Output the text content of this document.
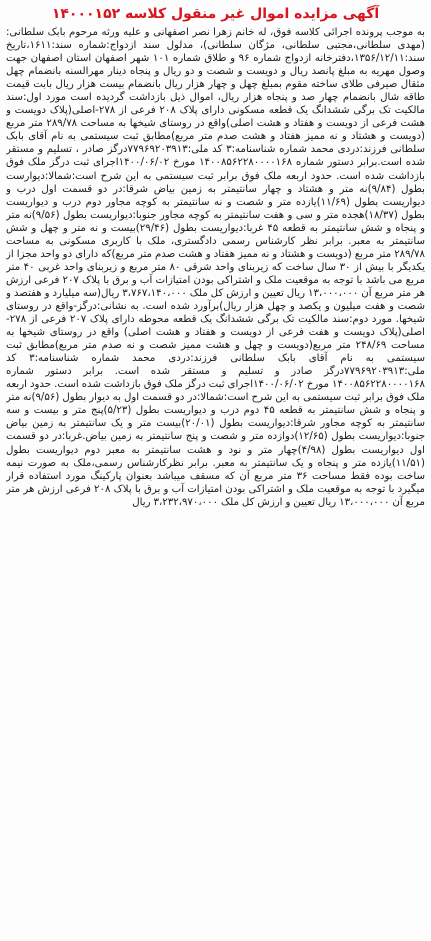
آگهی مزایده اموال غیر منقول کلاسه ۱۴۰۰۰۱۵۲

به موجب پرونده اجرائی کلاسه فوق، له خانم زهرا نصر اصفهانی و علیه ورثه مرحوم بابک سلطانی:(مهدی سلطانی،مجتبی سلطانی، مژگان سلطانی)، مدلول سند ازدواج:شماره سند:۱۶۱۱،تاریخ سند:۱۳۵۶/۱۲/۱۱،دفترخانه ازدواج شماره ۹۶ و طلاق شماره ۱۰۱ شهر اصفهان استان اصفهان جهت وصول مهریه به مبلغ پانصد ریال و دویست و شصت و دو ریال و پنجاه دینار مهرالسنه بانضمام چهل مثقال صیرفی طلای ساخته مقوم بمبلغ چهل و چهار هزار ریال بانضمام بیست هزار ریال بابت قیمت طاقه شال بانضمام چهار صد و پنجاه هزار ریال، اموال ذیل بازداشت گردیده است مورد اول:سند مالکیت تک برگی ششدانگ یک قطعه مسکونی دارای پلاک ۲۰۸ فرعی از ۲۷۸-اصلی(پلاک دویست و هشت فرعی از دویست و هفتاد و هشت اصلی)واقع در روستای شیخها به مساحت ۲۸۹/۷۸ متر مربع (دویست و هشتاد و نه ممیز هفتاد و هشت صدم متر مربع)مطابق ثبت سیستمی به نام آقای بابک سلطانی فرزند:دردی محمد شماره شناسنامه:۳ کد ملی:۷۷۹۶۹۲۰۳۹۱۳درگز صادر ، تسلیم و مستقر شده است.برابر دستور شماره ۱۴۰۰۸۵۶۲۲۸۰۰۰۰۱۶۸ مورخ ۱۴۰۰/۰۶/۰۲اجرای ثبت درگز ملک فوق بازداشت شده است. حدود اربعه ملک فوق برابر ثبت سیستمی به این شرح است:شمالا:دیوارست بطول (۹/۸۴)نه متر و هشتاد و چهار سانتیمتر به زمین بیاض شرقا:در دو قسمت اول درب و دیواریست بطول (۱۱/۶۹)یازده متر و شصت و نه سانتیمتر به کوچه مجاور دوم درب و دیواریست بطول (۱۸/۳۷)هجده متر و سی و هفت سانتیمتر به کوچه مجاور جنوبا:دیواریست بطول (۹/۵۶)نه متر و پنجاه و شش سانتیمتر به قطعه ۴۵ غربا:دیواریست بطول (۲۹/۴۶)بیست و نه متر و چهل و شش سانتیمتر به معبر. برابر نظر کارشناس رسمی دادگستری، ملک با کاربری مسکونی به مساحت ۲۸۹/۷۸ متر مربع (دویست و هشتاد و نه ممیز هفتاد و هشت صدم متر مربع)که دارای دو واحد مجزا از یکدیگر با بیش از ۳۰ سال ساخت که زیربنای واحد شرقی ۸۰ متر مربع و زیربنای واحد غربی ۴۰ متر مربع می باشد با توجه به موقعیت ملک و اشتراکی بودن امتیازات آب و برق با پلاک ۲۰۷ فرعی ارزش هر متر مربع آن ۱۳،۰۰۰،۰۰۰ ریال تعیین و ارزش کل ملک ۳،۷۶۷،۱۴۰،۰۰۰ ریال(سه میلیارد و هفتصد و شصت و هفت میلیون و یکصد و چهل هزار ریال)برآورد شده است. به نشانی:درگز-واقع در روستای شیخها. مورد دوم:سند مالکیت تک برگی ششدانگ یک قطعه محوطه دارای پلاک ۲۰۷ فرعی از ۲۷۸-اصلی(پلاک دویست و هفت فرعی از دویست و هفتاد و هشت اصلی) واقع در روستای شیخها به مساحت ۲۴۸/۶۹ متر مربع(دویست و چهل و هشت ممیز شصت و نه صدم متر مربع)مطابق ثبت سیستمی به نام آقای بابک سلطانی فرزند:دردی محمد شماره شناسنامه:۳ کد ملی:۷۷۹۶۹۲۰۳۹۱۳درگز صادر و تسلیم و مستقر شده است. برابر دستور شماره ۱۴۰۰۸۵۶۲۲۸۰۰۰۰۱۶۸ مورخ ۱۴۰۰/۰۶/۰۲اجرای ثبت درگز ملک فوق بازداشت شده است. حدود اربعه ملک فوق برابر ثبت سیستمی به این شرح است:شمالا:در دو قسمت اول به دیوار بطول (۹/۵۶)نه متر و پنجاه و شش سانتیمتر به قطعه ۴۵ دوم درب و دیواریست بطول (۵/۲۳)پنج متر و بیست و سه سانتیمتر به کوچه مجاور شرقا:دیواریست بطول (۲۰/۰۱)بیست متر و یک سانتیمتر به زمین بیاض جنوبا:دیواریست بطول (۱۲/۶۵)دوازده متر و شصت و پنج سانتیمتر به زمین بیاض.غربا:در دو قسمت اول دیواریست بطول (۴/۹۸)چهار متر و نود و هشت سانتیمتر به معبر دوم دیواریست بطول (۱۱/۵۱)یازده متر و پنجاه و یک سانتیمتر به معبر. برابر نظرکارشناس رسمی،ملک به صورت نیمه ساخت بوده فقط مساحت ۳۶ متر مربع آن که مسقف میباشد بعنوان پارکینگ مورد استفاده قرار میگیرد با توجه به موقعیت ملک و اشتراکی بودن امتیازات آب و برق با پلاک ۲۰۸ فرعی ارزش هر متر مربع آن ۱۳،۰۰۰،۰۰۰ ریال تعیین و ارزش کل ملک ۳،۲۳۲،۹۷۰،۰۰۰ ریال
